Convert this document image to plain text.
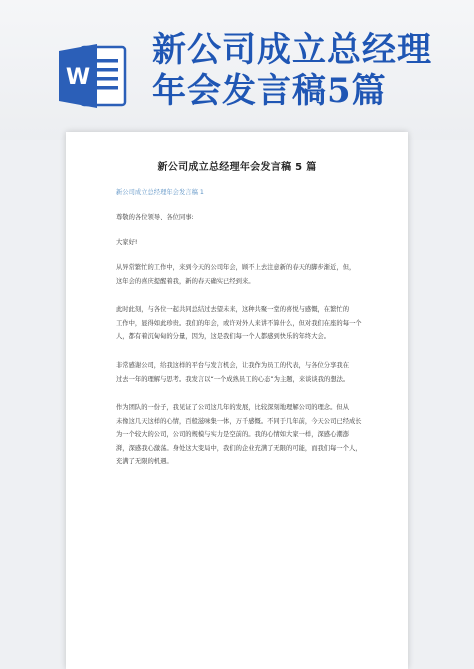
W
新公司成立总经理
年会发言稿5篇
新公司成立总经理年会发言稿 5 篇
新公司成立总经理年会发言稿 1
尊敬的各位领导、各位同事:
大家好!
从异常繁忙的工作中，来到今天的公司年会，顾不上去注意新的春天的脚步渐近，但，
这年会的喜庆提醒着我，新的春天确实已经到来。
此时此刻，与各位一起共同总结过去望未来，这种共聚一堂的喜悦与感慨，在繁忙的
工作中，显得如此珍贵。我们的年会，或许对外人来讲不算什么，但对我们在座的每一个
人，都有着沉甸甸的分量，因为，这是我们每一个人都感到快乐的年终大会。
非常感谢公司，给我这样的平台与发言机会，让我作为员工的代表，与各位分享我在
过去一年的理解与思考。我发言以“一个成熟员工的心态”为主题，来谈谈我的想法。
作为团队的一份子，我见证了公司这几年的发展，比较深刻地理解公司的理念。但从
未像这几天这样的心情，百般滋味集一体，万千感慨。不同于几年前，今天公司已经成长
为一个较大的公司，公司的规模与实力是空前的。我的心情如大家一样，深感心潮澎
湃，深感我心激荡。身处这大变局中，我们的企业充满了无限的可能，而我们每一个人，
充满了无限的机遇。
